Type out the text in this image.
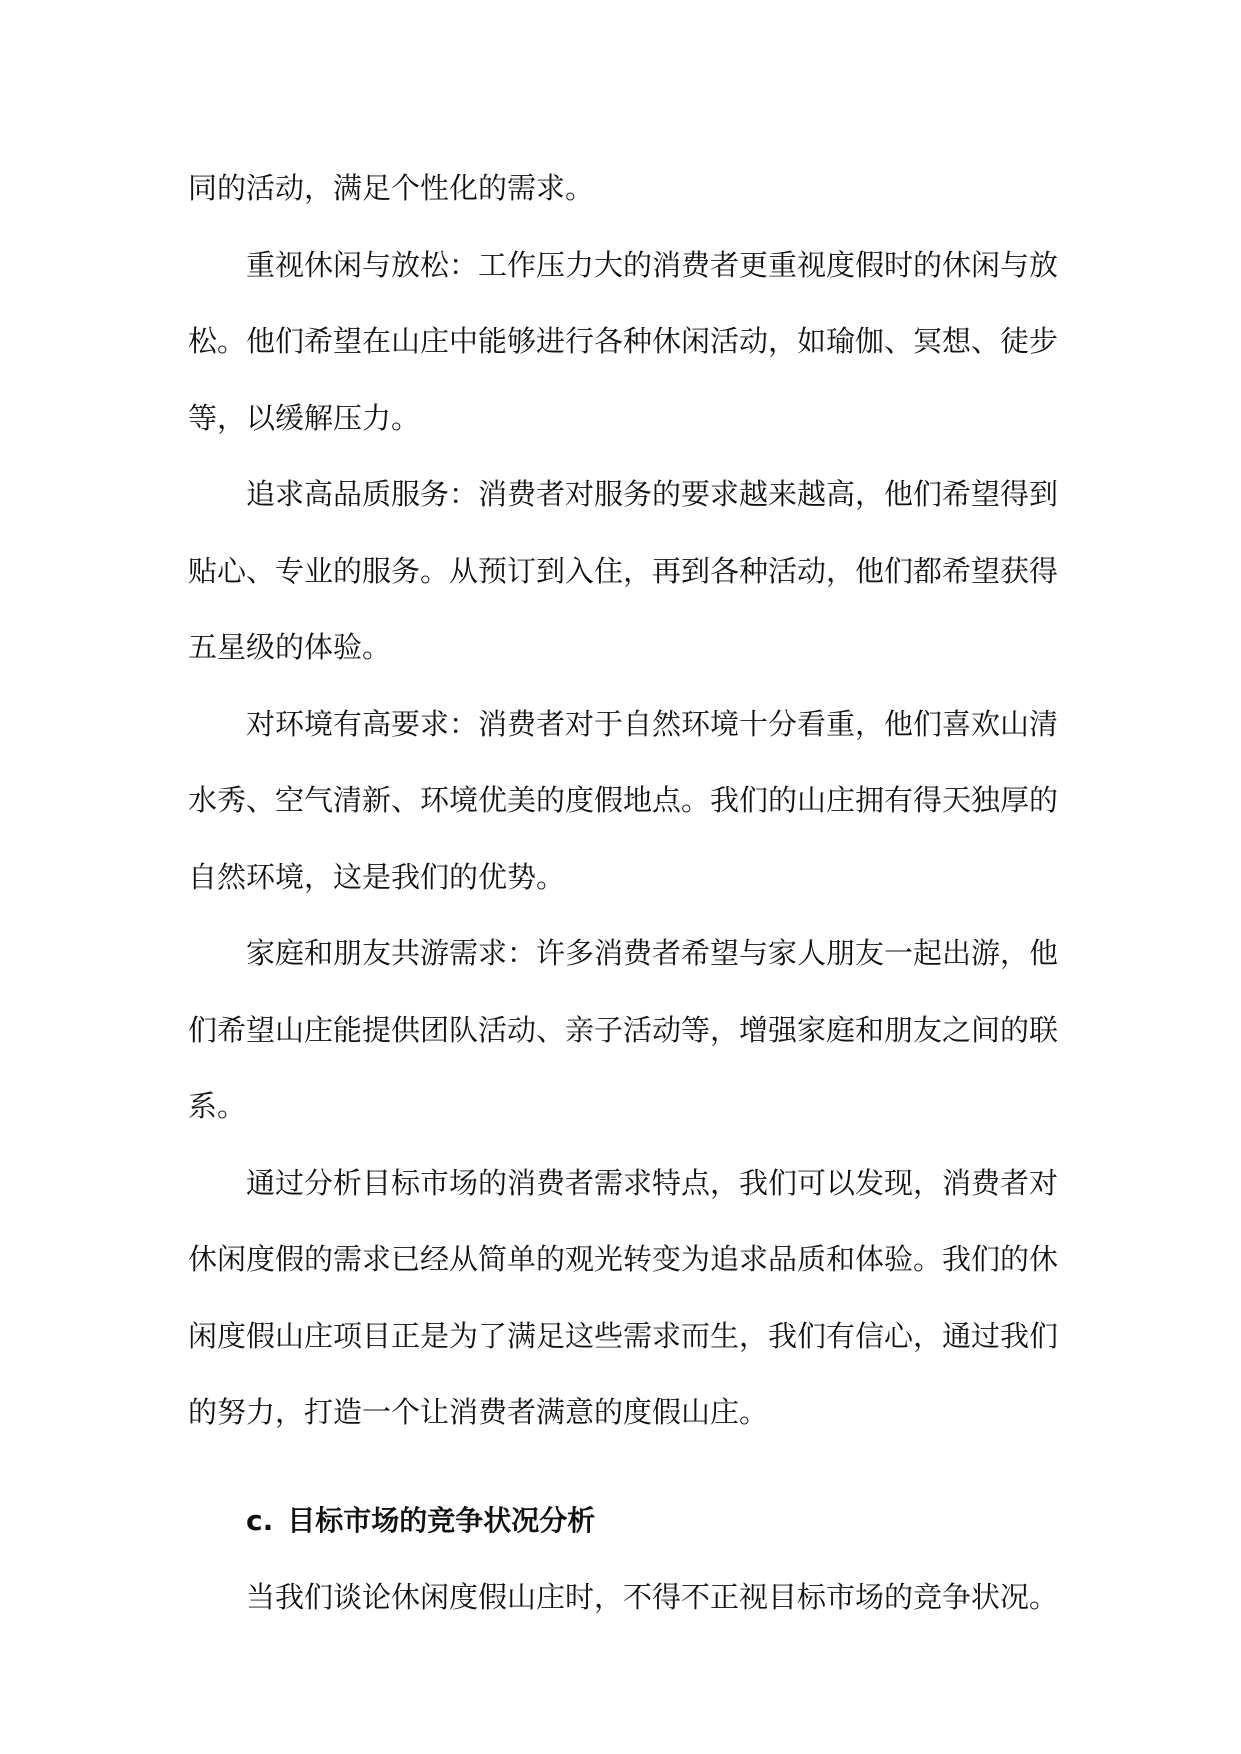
同的活动，满足个性化的需求。

重视休闲与放松：工作压力大的消费者更重视度假时的休闲与放松。他们希望在山庄中能够进行各种休闲活动，如瑜伽、冥想、徒步等，以缓解压力。

追求高品质服务：消费者对服务的要求越来越高，他们希望得到贴心、专业的服务。从预订到入住，再到各种活动，他们都希望获得五星级的体验。

对环境有高要求：消费者对于自然环境十分看重，他们喜欢山清水秀、空气清新、环境优美的度假地点。我们的山庄拥有得天独厚的自然环境，这是我们的优势。

家庭和朋友共游需求：许多消费者希望与家人朋友一起出游，他们希望山庄能提供团队活动、亲子活动等，增强家庭和朋友之间的联系。

通过分析目标市场的消费者需求特点，我们可以发现，消费者对休闲度假的需求已经从简单的观光转变为追求品质和体验。我们的休闲度假山庄项目正是为了满足这些需求而生，我们有信心，通过我们的努力，打造一个让消费者满意的度假山庄。

c. 目标市场的竞争状况分析

当我们谈论休闲度假山庄时，不得不正视目标市场的竞争状况。
